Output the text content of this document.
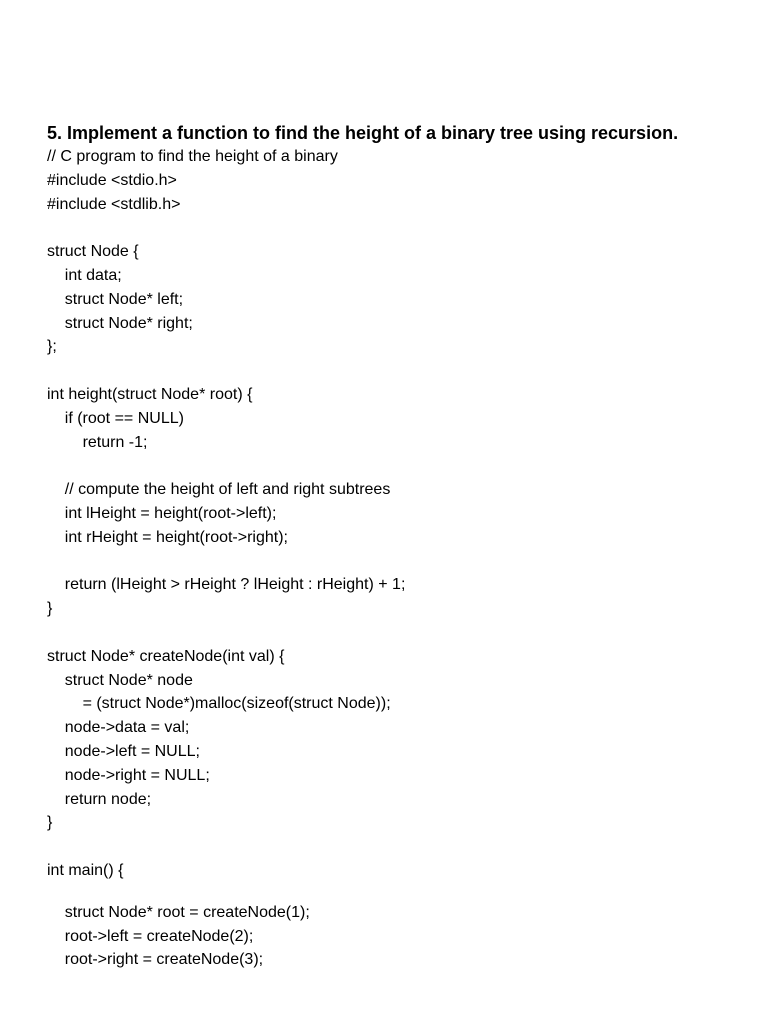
5. Implement a function to find the height of a binary tree using recursion.
// C program to find the height of a binary
#include <stdio.h>
#include <stdlib.h>
struct Node {
int data;
struct Node* left;
struct Node* right;
};
int height(struct Node* root) {
if (root == NULL)
return -1;
// compute the height of left and right subtrees
int lHeight = height(root->left);
int rHeight = height(root->right);
return (lHeight > rHeight ? lHeight : rHeight) + 1;
}
struct Node* createNode(int val) {
struct Node* node
= (struct Node*)malloc(sizeof(struct Node));
node->data = val;
node->left = NULL;
node->right = NULL;
return node;
}
int main() {
struct Node* root = createNode(1);
root->left = createNode(2);
root->right = createNode(3);
